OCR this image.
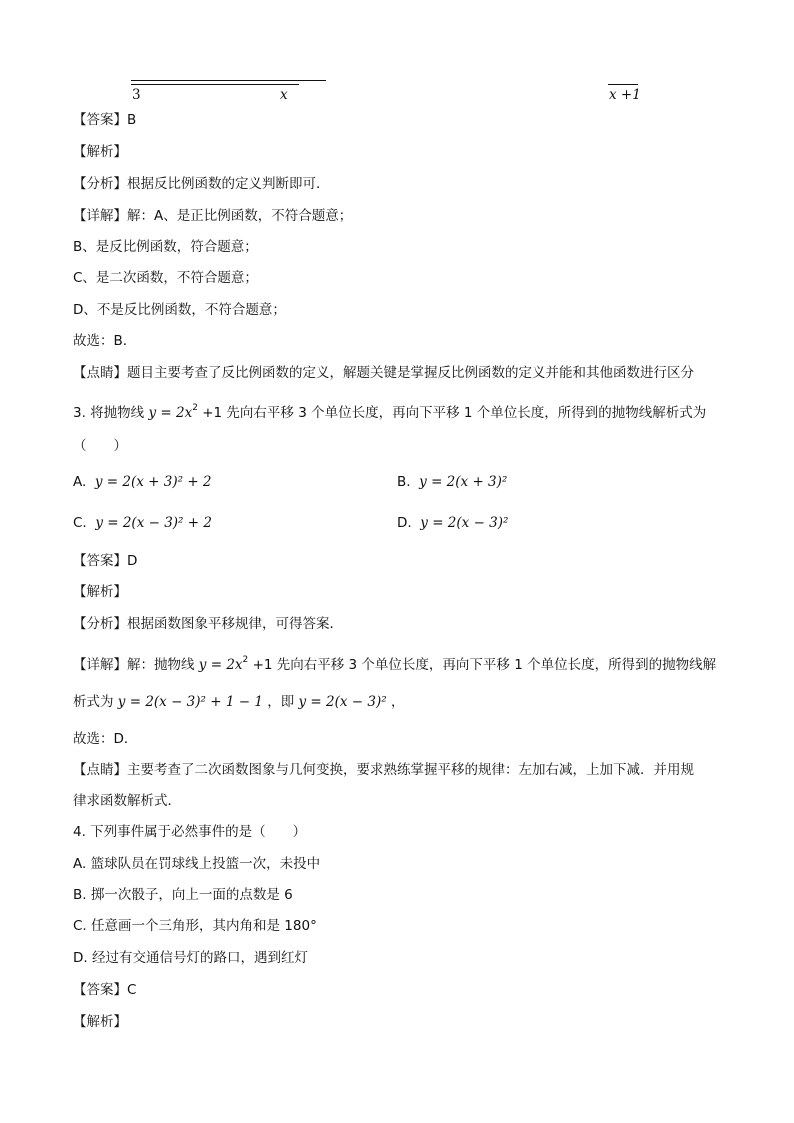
3	x	x +1
【答案】B
【解析】
【分析】根据反比例函数的定义判断即可．
【详解】解：A、是正比例函数，不符合题意；
B、是反比例函数，符合题意；
C、是二次函数，不符合题意；
D、不是反比例函数，不符合题意；
故选：B．
【点睛】题目主要考查了反比例函数的定义，解题关键是掌握反比例函数的定义并能和其他函数进行区分
3. 将抛物线 $y = 2x^2 +1$ 先向右平移 3 个单位长度，再向下平移 1 个单位长度，所得到的抛物线解析式为
（　　）
A. y = 2(x + 3)² + 2	B. y = 2(x + 3)²
C. y = 2(x − 3)² + 2	D. y = 2(x − 3)²
【答案】D
【解析】
【分析】根据函数图象平移规律，可得答案．
【详解】解：抛物线 $y = 2x^2 +1$ 先向右平移 3 个单位长度，再向下平移 1 个单位长度，所得到的抛物线解
析式为 y = 2(x − 3)² + 1 − 1 ，即 y = 2(x − 3)² ，
故选：D．
【点睛】主要考查了二次函数图象与几何变换，要求熟练掌握平移的规律：左加右减，上加下减．并用规
律求函数解析式．
4. 下列事件属于必然事件的是（　　）
A. 篮球队员在罚球线上投篮一次，未投中
B. 掷一次骰子，向上一面的点数是 6
C. 任意画一个三角形，其内角和是 180°
D. 经过有交通信号灯的路口，遇到红灯
【答案】C
【解析】
